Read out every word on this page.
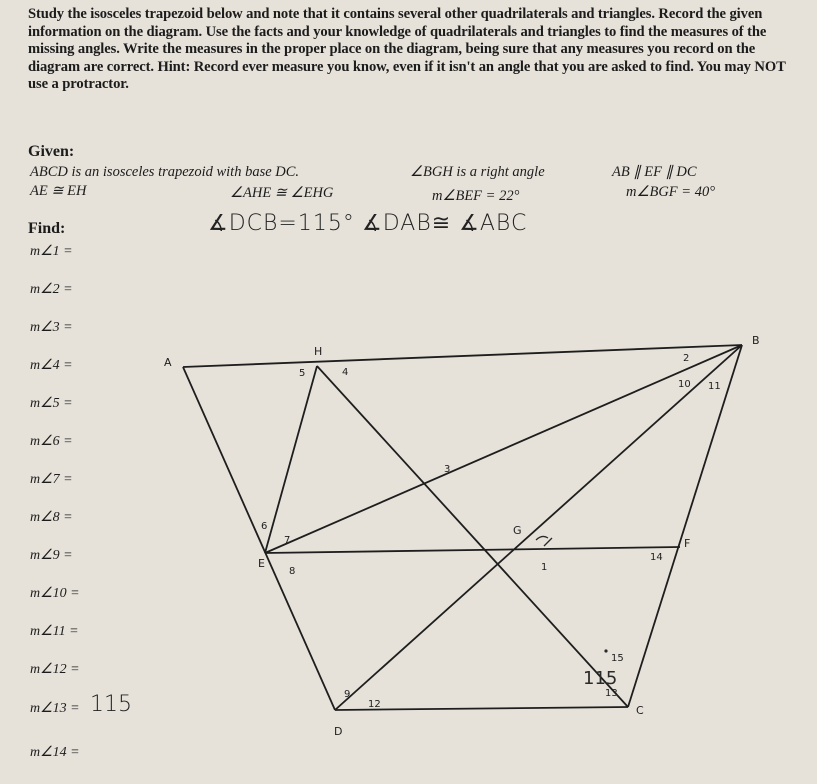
Study the isosceles trapezoid below and note that it contains several other quadrilaterals and triangles. Record the given information on the diagram. Use the facts and your knowledge of quadrilaterals and triangles to find the measures of the missing angles. Write the measures in the proper place on the diagram, being sure that any measures you record on the diagram are correct. Hint: Record ever measure you know, even if it isn't an angle that you are asked to find. You may NOT use a protractor.
Given:
ABCD is an isosceles trapezoid with base DC.	∠BGH is a right angle	AB ∥ EF ∥ DC
AE ≅ EH	∠AHE ≅ ∠EHG	m∠BEF = 22°	m∠BGF = 40°
Find:	∡DCB=115° ∡DAB≅ ∡ABC
m∠1 =
m∠2 =
m∠3 =
m∠4 =
m∠5 =
m∠6 =
m∠7 =
m∠8 =
m∠9 =
m∠10 =
m∠11 =
m∠12 =
m∠13 =
m∠14 =
115
A
B
C
D
E
F
G
H
2
3
4
5
6
7
8
9
10 11
12
13
14
15
1
115
